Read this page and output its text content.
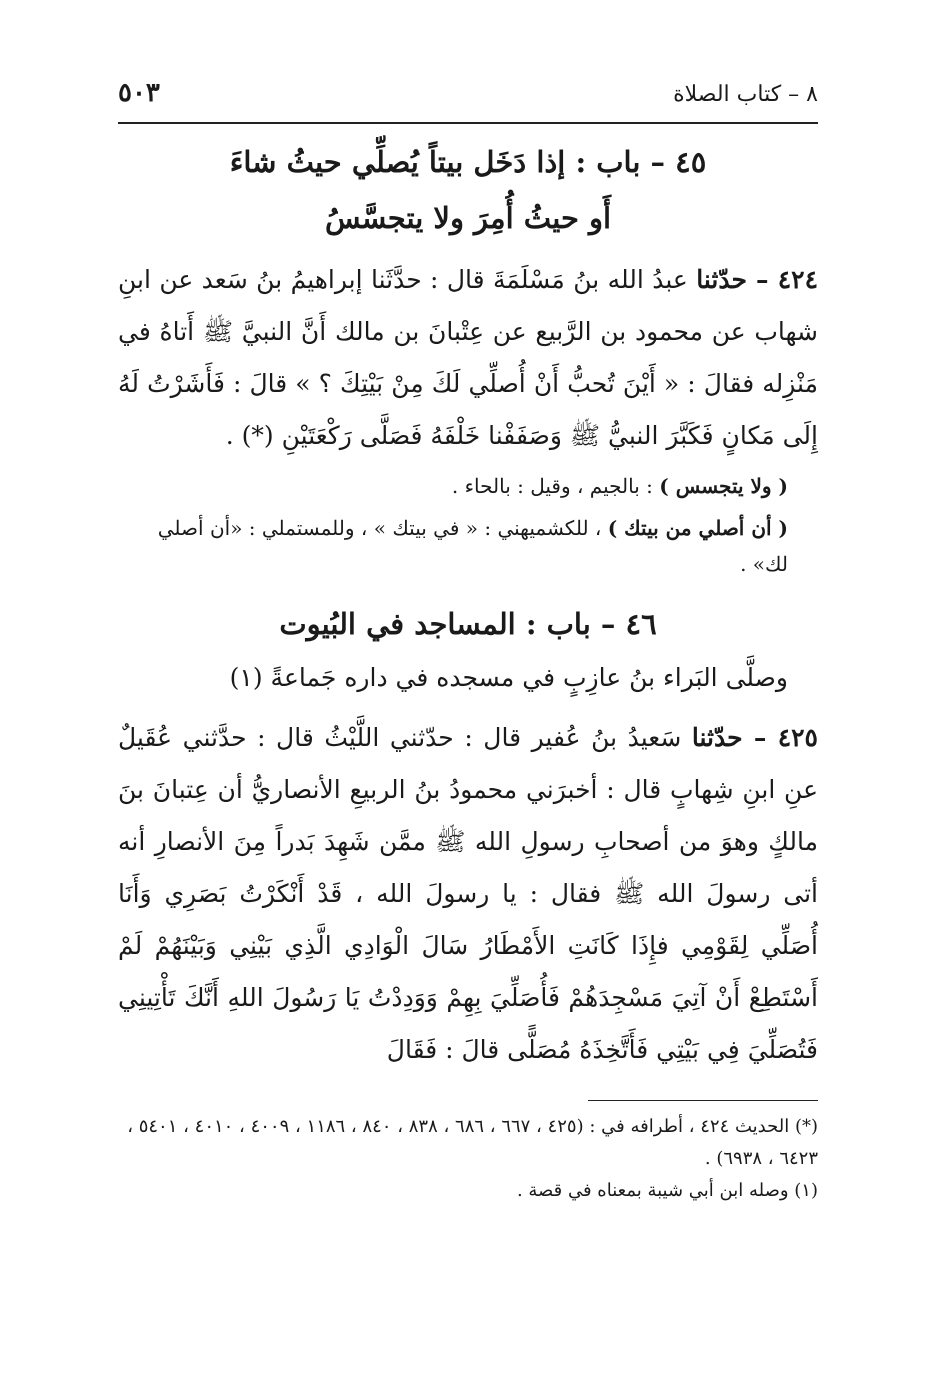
٨ – كتاب الصلاة
٥٠٣
٤٥ – باب : إذا دَخَل بيتاً يُصلِّي حيثُ شاءَ
أَو حيثُ أُمِرَ ولا يتجسَّسُ

٤٢٤ – حدّثنا عبدُ الله بنُ مَسْلَمَةَ قال : حدَّثَنا إبراهيمُ بنُ سَعد عن ابنِ شهاب عن محمود بن الرَّبيع عن عِتْبانَ بن مالك أَنَّ النبيَّ ﷺ أَتاهُ في مَنْزِله فقالَ : « أَيْنَ تُحبُّ أَنْ أُصلِّي لَكَ مِنْ بَيْتِكَ ؟ » قالَ : فَأَشَرْتُ لَهُ إِلَى مَكانٍ فَكَبَّرَ النبيُّ ﷺ وَصَفَفْنا خَلْفَهُ فَصَلَّى رَكْعَتَيْنِ (*) .

( ولا يتجسس ) : بالجيم ، وقيل : بالحاء .

( أن أصلي من بيتك ) ، للكشميهني : « في بيتك » ، وللمستملي : «أن أصلي لك» .

٤٦ – باب : المساجد في البُيوت

وصلَّى البَراء بنُ عازِبٍ في مسجده في داره جَماعةً (١)

٤٢٥ – حدّثنا سَعيدُ بنُ عُفير قال : حدّثني اللَّيْثُ قال : حدَّثني عُقَيلٌ عنِ ابنِ شِهابٍ قال : أخبرَني محمودُ بنُ الربيعِ الأنصاريُّ أن عِتبانَ بنَ مالكٍ وهوَ من أصحابِ رسولِ الله ﷺ ممَّن شَهِدَ بَدراً مِنَ الأنصارِ أنه أتى رسولَ الله ﷺ فقال : يا رسولَ الله ، قَدْ أَنْكَرْتُ بَصَرِي وَأَنَا أُصَلِّي لِقَوْمِي فإِذَا كَانَتِ الأَمْطَارُ سَالَ الْوَادِي الَّذِي بَيْنِي وَبَيْنَهُمْ لَمْ أَسْتَطِعْ أَنْ آتِيَ مَسْجِدَهُمْ فَأُصَلِّيَ بِهِمْ وَوَدِدْتُ يَا رَسُولَ اللهِ أَنَّكَ تَأْتِينِي فَتُصَلِّيَ فِي بَيْتِي فَأَتَّخِذَهُ مُصَلًّى قالَ : فَقَالَ

(*) الحديث ٤٢٤ ، أطرافه في : (٤٢٥ ، ٦٦٧ ، ٦٨٦ ، ٨٣٨ ، ٨٤٠ ، ١١٨٦ ، ٤٠٠٩ ، ٤٠١٠ ، ٥٤٠١ ، ٦٤٢٣ ، ٦٩٣٨) .

(١) وصله ابن أبي شيبة بمعناه في قصة .
